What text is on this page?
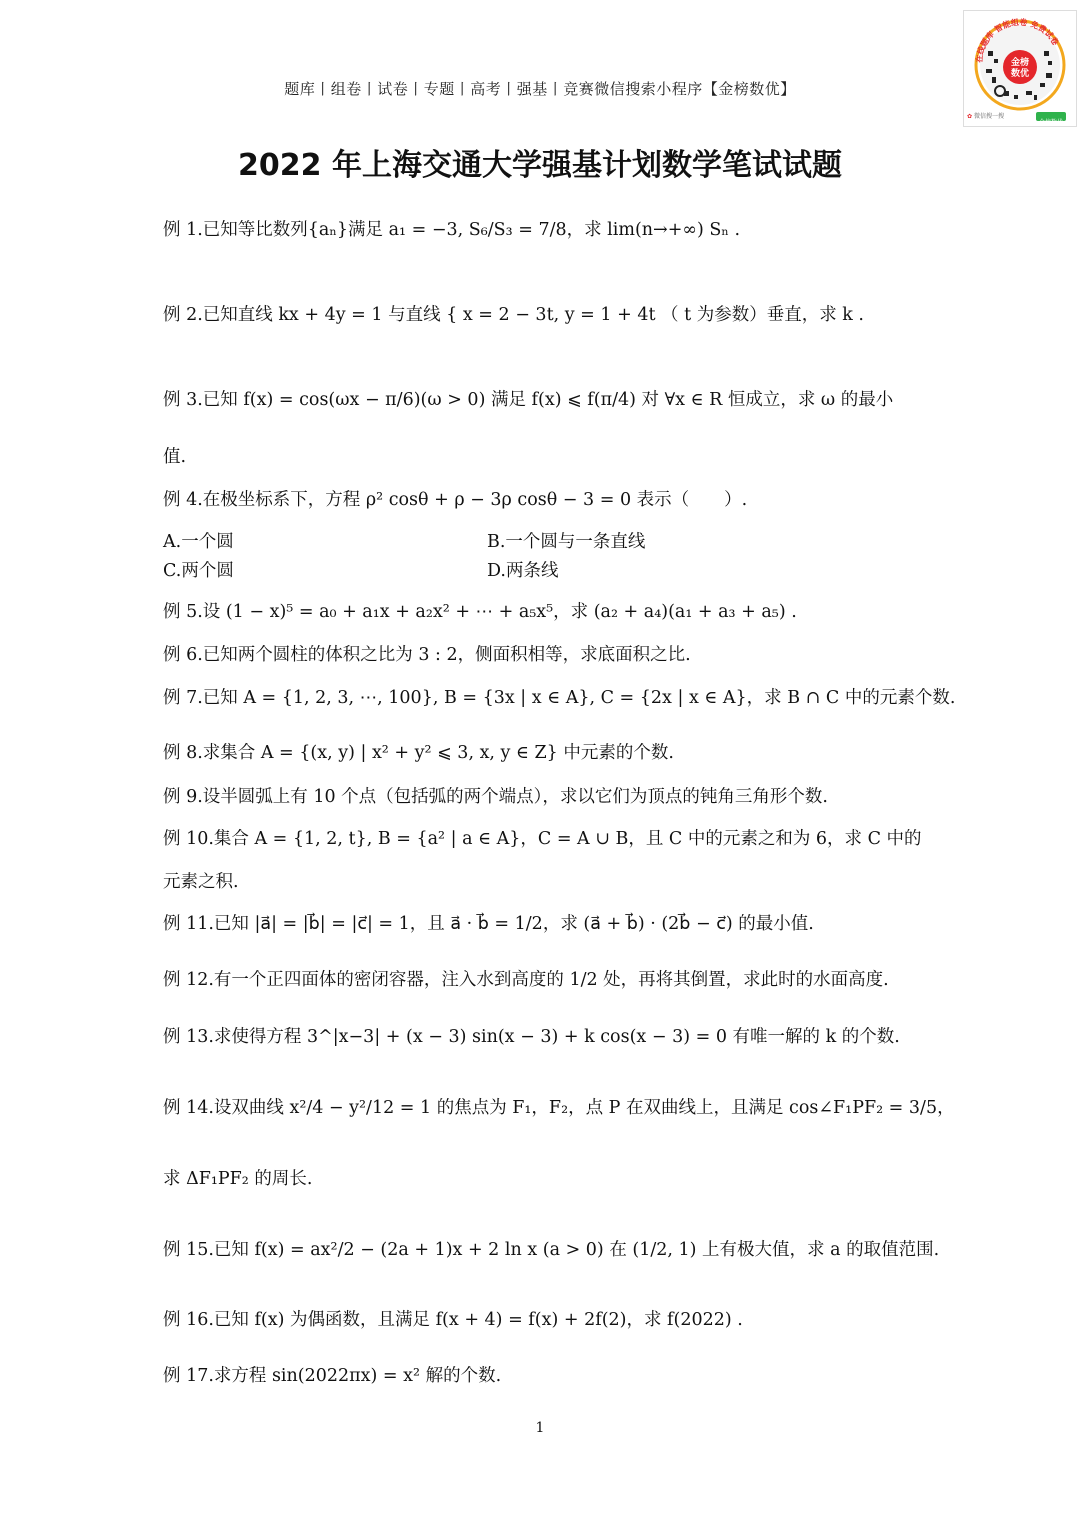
在线题库 智能组卷 免费试卷
金榜
数优
✿ 微信搜一搜
金榜数优
题库丨组卷丨试卷丨专题丨高考丨强基丨竞赛微信搜索小程序【金榜数优】
2022 年上海交通大学强基计划数学笔试试题
例 1.已知等比数列{aₙ}满足 a₁ = −3, S₆/S₃ = 7/8，求 lim(n→+∞) Sₙ .
例 2.已知直线 kx + 4y = 1 与直线 { x = 2 − 3t, y = 1 + 4t （ t 为参数）垂直，求 k .
例 3.已知 f(x) = cos(ωx − π/6)(ω > 0) 满足 f(x) ⩽ f(π/4) 对 ∀x ∈ R 恒成立，求 ω 的最小
值.
例 4.在极坐标系下，方程 ρ² cosθ + ρ − 3ρ cosθ − 3 = 0 表示（　　）.
A.一个圆	B.一个圆与一条直线
C.两个圆	D.两条线
例 5.设 (1 − x)⁵ = a₀ + a₁x + a₂x² + ⋯ + a₅x⁵，求 (a₂ + a₄)(a₁ + a₃ + a₅) .
例 6.已知两个圆柱的体积之比为 3 : 2，侧面积相等，求底面积之比.
例 7.已知 A = {1, 2, 3, ⋯, 100}, B = {3x | x ∈ A}, C = {2x | x ∈ A}，求 B ∩ C 中的元素个数.
例 8.求集合 A = {(x, y) | x² + y² ⩽ 3, x, y ∈ Z} 中元素的个数.
例 9.设半圆弧上有 10 个点（包括弧的两个端点），求以它们为顶点的钝角三角形个数.
例 10.集合 A = {1, 2, t}, B = {a² | a ∈ A}，C = A ∪ B，且 C 中的元素之和为 6，求 C 中的
元素之积.
例 11.已知 |a⃗| = |b⃗| = |c⃗| = 1，且 a⃗ · b⃗ = 1/2，求 (a⃗ + b⃗) · (2b⃗ − c⃗) 的最小值.
例 12.有一个正四面体的密闭容器，注入水到高度的 1/2 处，再将其倒置，求此时的水面高度.
例 13.求使得方程 3^|x−3| + (x − 3) sin(x − 3) + k cos(x − 3) = 0 有唯一解的 k 的个数.
例 14.设双曲线 x²/4 − y²/12 = 1 的焦点为 F₁，F₂，点 P 在双曲线上，且满足 cos∠F₁PF₂ = 3/5，
求 ΔF₁PF₂ 的周长.
例 15.已知 f(x) = ax²/2 − (2a + 1)x + 2 ln x (a > 0) 在 (1/2, 1) 上有极大值，求 a 的取值范围.
例 16.已知 f(x) 为偶函数，且满足 f(x + 4) = f(x) + 2f(2)，求 f(2022) .
例 17.求方程 sin(2022πx) = x² 解的个数.
1
